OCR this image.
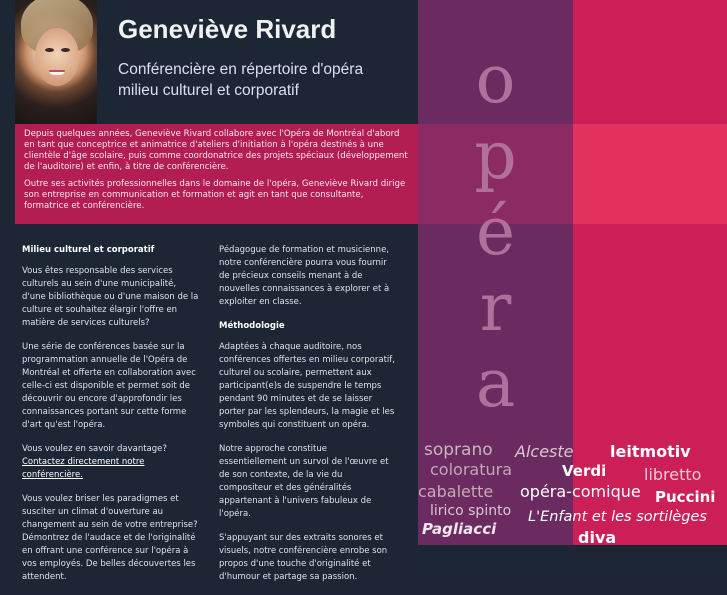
Geneviève Rivard
Conférencière en répertoire d'opéra
milieu culturel et corporatif

Depuis quelques années, Geneviève Rivard collabore avec l'Opéra de Montréal d'abord en tant que conceptrice et animatrice d'ateliers d'initiation à l'opéra destinés à une clientèle d'âge scolaire, puis comme coordonatrice des projets spéciaux (développement de l'auditoire) et enfin, à titre de conférencière.

Outre ses activités professionnelles dans le domaine de l'opéra, Geneviève Rivard dirige son entreprise en communication et formation et agit en tant que consultante, formatrice et conférencière.

o
p
é
r
a
Milieu culturel et corporatif

Vous êtes responsable des services culturels au sein d'une municipalité, d'une bibliothèque ou d'une maison de la culture et souhaitez élargir l'offre en matière de services culturels?

Une série de conférences basée sur la programmation annuelle de l'Opéra de Montréal et offerte en collaboration avec celle-ci est disponible et permet soit de découvrir ou encore d'approfondir les connaissances portant sur cette forme d'art qu'est l'opéra.

Vous voulez en savoir davantage?
Contactez directement notre conférencière.

Vous voulez briser les paradigmes et susciter un climat d'ouverture au changement au sein de votre entreprise? Démontrez de l'audace et de l'originalité en offrant une conférence sur l'opéra à vos employés. De belles découvertes les attendent.

Pédagogue de formation et musicienne, notre conférencière pourra vous fournir de précieux conseils menant à de nouvelles connaissances à explorer et à exploiter en classe.

Méthodologie

Adaptées à chaque auditoire, nos conférences offertes en milieu corporatif, culturel ou scolaire, permettent aux participant(e)s de suspendre le temps pendant 90 minutes et de se laisser porter par les splendeurs, la magie et les symboles qui constituent un opéra.

Notre approche constitue essentiellement un survol de l'œuvre et de son contexte, de la vie du compositeur et des généralités appartenant à l'univers fabuleux de l'opéra.

S'appuyant sur des extraits sonores et visuels, notre conférencière enrobe son propos d'une touche d'originalité et d'humour et partage sa passion.

soprano Alceste leitmotiv
coloratura	Verdi libretto
cabalette opéra-comique Puccini
lirico spinto L'Enfant et les sortilèges
Pagliacci	diva
